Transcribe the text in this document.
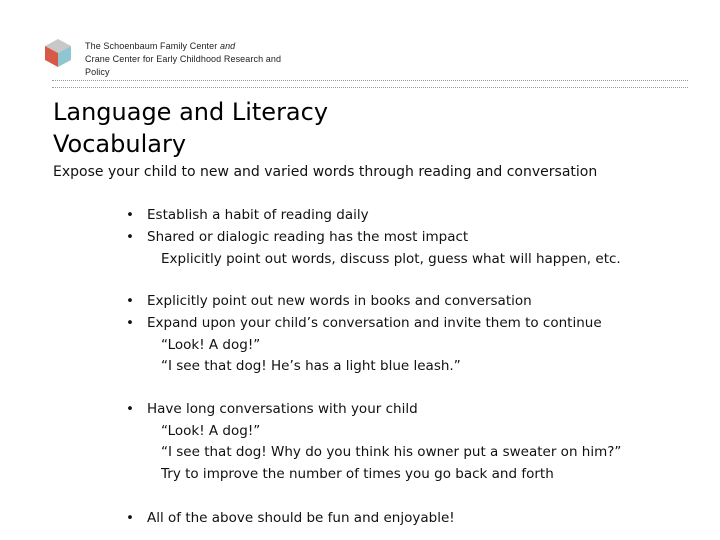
The Schoenbaum Family Center and
Crane Center for Early Childhood Research and
Policy
Language and Literacy
Vocabulary
Expose your child to new and varied words through reading and conversation
• Establish a habit of reading daily
• Shared or dialogic reading has the most impact
Explicitly point out words, discuss plot, guess what will happen, etc.
• Explicitly point out new words in books and conversation
• Expand upon your child’s conversation and invite them to continue
“Look! A dog!”
“I see that dog! He’s has a light blue leash.”
• Have long conversations with your child
“Look! A dog!”
“I see that dog! Why do you think his owner put a sweater on him?”
Try to improve the number of times you go back and forth
• All of the above should be fun and enjoyable!
